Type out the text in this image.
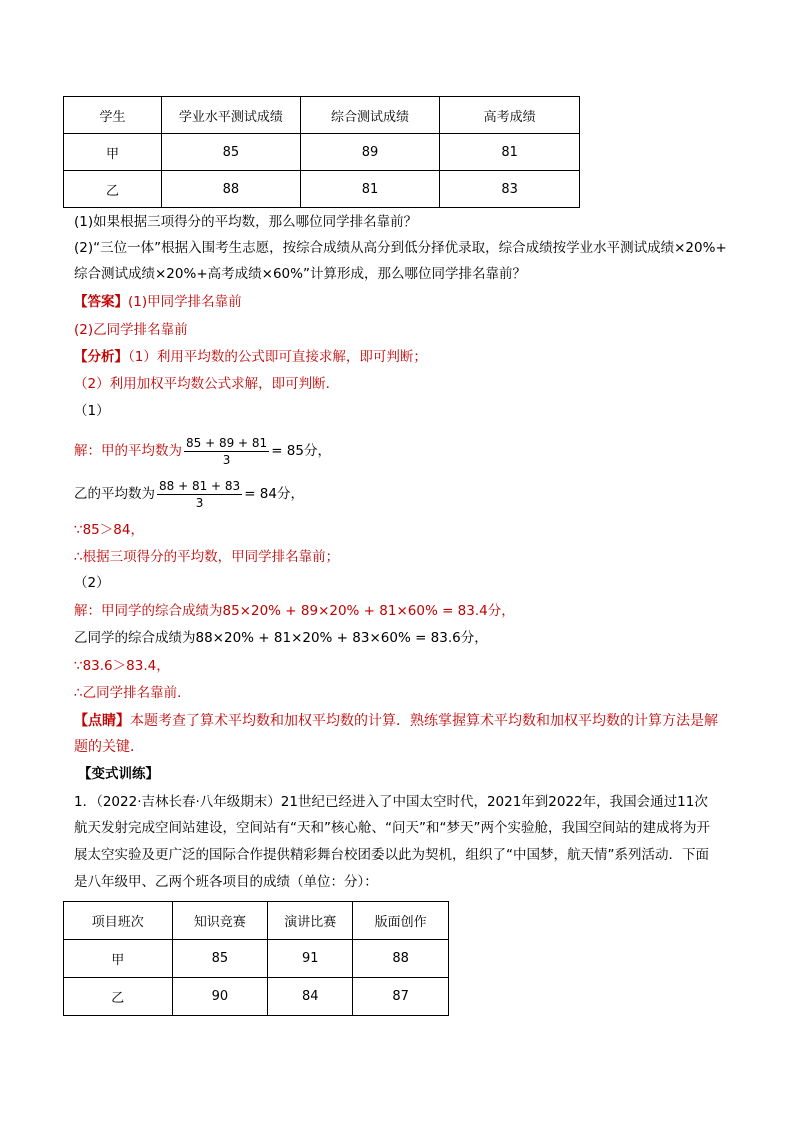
学生	学业水平测试成绩	综合测试成绩	高考成绩
甲	85	89	81
乙	88	81	83
(1)如果根据三项得分的平均数，那么哪位同学排名靠前？
(2)“三位一体”根据入围考生志愿，按综合成绩从高分到低分择优录取，综合成绩按学业水平测试成绩×20%+
综合测试成绩×20%+高考成绩×60%”计算形成，那么哪位同学排名靠前？
【答案】(1)甲同学排名靠前
(2)乙同学排名靠前
【分析】（1）利用平均数的公式即可直接求解，即可判断；
（2）利用加权平均数公式求解，即可判断．
（1）
解：甲的平均数为 $\frac{85 + 89 + 81}{3} = 85$分，
乙的平均数为 $\frac{88 + 81 + 83}{3} = 84$分，
∵85＞84，
∴根据三项得分的平均数，甲同学排名靠前；
（2）
解：甲同学的综合成绩为85×20% + 89×20% + 81×60% = 83.4分，
乙同学的综合成绩为88×20% + 81×20% + 83×60% = 83.6分，
∵83.6＞83.4，
∴乙同学排名靠前．
【点睛】本题考查了算术平均数和加权平均数的计算．熟练掌握算术平均数和加权平均数的计算方法是解
题的关键．
【变式训练】
1．（2022·吉林长春·八年级期末）21世纪已经进入了中国太空时代，2021年到2022年，我国会通过11次
航天发射完成空间站建设，空间站有“天和”核心舱、“问天”和“梦天”两个实验舱，我国空间站的建成将为开
展太空实验及更广泛的国际合作提供精彩舞台校团委以此为契机，组织了“中国梦，航天情”系列活动．下面
是八年级甲、乙两个班各项目的成绩（单位：分）：
项目班次	知识竞赛	演讲比赛	版面创作
甲	85	91	88
乙	90	84	87
